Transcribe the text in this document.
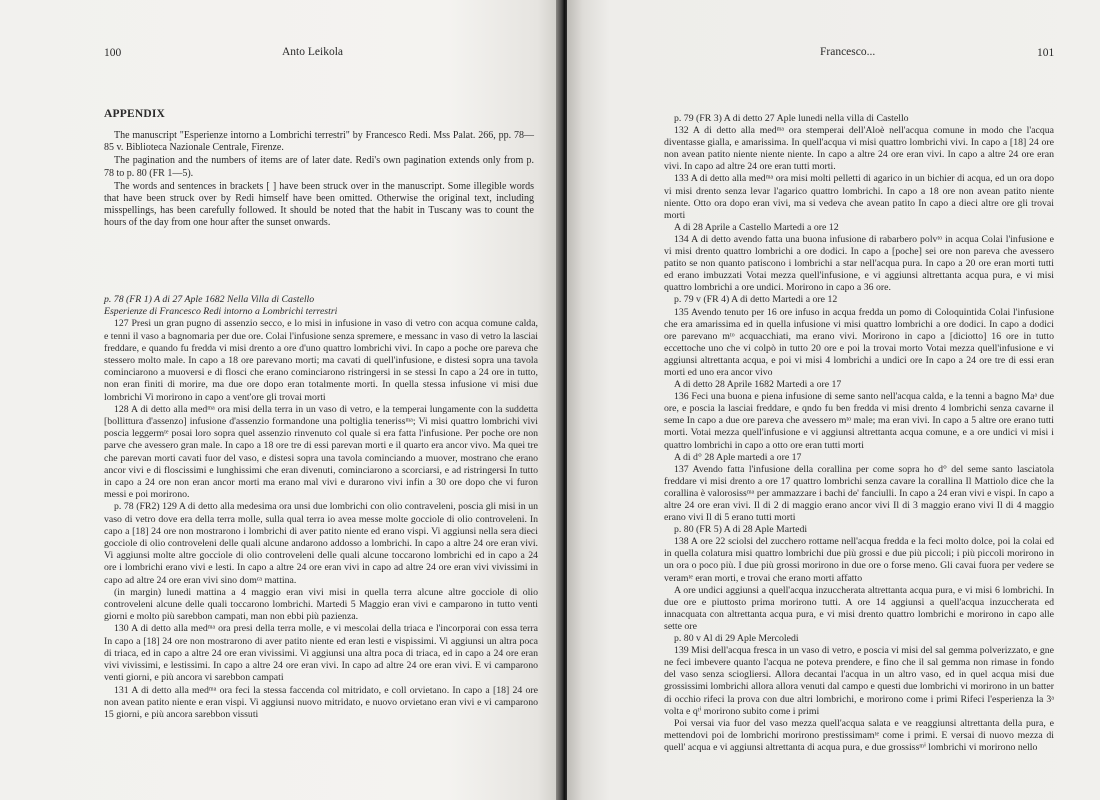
100	Anto Leikola
APPENDIX

The manuscript "Esperienze intorno a Lombrichi terrestri" by Francesco Redi. Mss Palat. 266, pp. 78—85 v. Biblioteca Nazionale Centrale, Firenze.

The pagination and the numbers of items are of later date. Redi's own pagination extends only from p. 78 to p. 80 (FR 1—5).

The words and sentences in brackets [ ] have been struck over in the manuscript. Some illegible words that have been struck over by Redi himself have been omitted. Otherwise the original text, including misspellings, has been carefully followed. It should be noted that the habit in Tuscany was to count the hours of the day from one hour after the sunset onwards.

p. 78 (FR 1) A di 27 Aple 1682 Nella Villa di Castello
Esperienze di Francesco Redi intorno a Lombrichi terrestri

127 Presi un gran pugno di assenzio secco, e lo misi in infusione in vaso di vetro con acqua comune calda, e tenni il vaso a bagnomaria per due ore. Colai l'infusione senza spremere, e messanc in vaso di vetro la lasciai freddare, e quando fu fredda vi misi drento a ore d'uno quattro lombrichi vivi. In capo a poche ore pareva che stessero molto male. In capo a 18 ore parevano morti; ma cavati di quell'infusione, e distesi sopra una tavola cominciarono a muoversi e di flosci che erano cominciarono ristringersi in se stessi In capo a 24 ore in tutto, non eran finiti di morire, ma due ore dopo eran totalmente morti. In quella stessa infusione vi misi due lombrichi Vi morirono in capo a vent'ore gli trovai morti

128 A di detto alla medᵐᵃ ora misi della terra in un vaso di vetro, e la temperai lungamente con la suddetta [bollittura d'assenzo] infusione d'assenzio formandone una poltiglia tenerissᵐᵃ; Vi misi quattro lombrichi vivi poscia leggermᵗᵉ posai loro sopra quel assenzio rinvenuto col quale si era fatta l'infusione. Per poche ore non parve che avessero gran male. In capo a 18 ore tre di essi parevan morti e il quarto era ancor vivo. Ma quei tre che parevan morti cavati fuor del vaso, e distesi sopra una tavola cominciando a muover, mostrano che erano ancor vivi e di floscissimi e lunghissimi che eran divenuti, cominciarono a scorciarsi, e ad ristringersi In tutto in capo a 24 ore non eran ancor morti ma erano mal vivi e durarono vivi infin a 30 ore dopo che vi furon messi e poi morirono.

p. 78 (FR2) 129 A di detto alla medesima ora unsi due lombrichi con olio contraveleni, poscia gli misi in un vaso di vetro dove era della terra molle, sulla qual terra io avea messe molte gocciole di olio controveleni. In capo a [18] 24 ore non mostrarono i lombrichi di aver patito niente ed erano vispi. Vi aggiunsi nella sera dieci gocciole di olio controveleni delle quali alcune andarono addosso a lombrichi. In capo a altre 24 ore eran vivi. Vi aggiunsi molte altre gocciole di olio controveleni delle quali alcune toccarono lombrichi ed in capo a 24 ore i lombrichi erano vivi e lesti. In capo a altre 24 ore eran vivi in capo ad altre 24 ore eran vivi vivissimi in capo ad altre 24 ore eran vivi sino domᶜᵃ mattina.

(in margin) lunedi mattina a 4 maggio eran vivi misi in quella terra alcune altre gocciole di olio controveleni alcune delle quali toccarono lombrichi. Martedi 5 Maggio eran vivi e camparono in tutto venti giorni e molto più sarebbon campati, man non ebbi più pazienza.

130 A di detto alla medᵐᵃ ora presi della terra molle, e vi mescolai della triaca e l'incorporai con essa terra In capo a [18] 24 ore non mostrarono di aver patito niente ed eran lesti e vispissimi. Vi aggiunsi un altra poca di triaca, ed in capo a altre 24 ore eran vivissimi. Vi aggiunsi una altra poca di triaca, ed in capo a 24 ore eran vivi vivissimi, e lestissimi. In capo a altre 24 ore eran vivi. In capo ad altre 24 ore eran vivi. E vi camparono venti giorni, e più ancora vi sarebbon campati

131 A di detto alla medᵐᵃ ora feci la stessa faccenda col mitridato, e coll orvietano. In capo a [18] 24 ore non avean patito niente e eran vispi. Vi aggiunsi nuovo mitridato, e nuovo orvietano eran vivi e vi camparono 15 giorni, e più ancora sarebbon vissuti

Francesco...	101
p. 79 (FR 3) A di detto 27 Aple lunedi nella villa di Castello

132 A di detto alla medᵐᵃ ora stemperai dell'Aloè nell'acqua comune in modo che l'acqua diventasse gialla, e amarissima. In quell'acqua vi misi quattro lombrichi vivi. In capo a [18] 24 ore non avean patito niente niente niente. In capo a altre 24 ore eran vivi. In capo a altre 24 ore eran vivi. In capo ad altre 24 ore eran tutti morti.

133 A di detto alla medᵐᵃ ora misi molti pelletti di agarico in un bichier di acqua, ed un ora dopo vi misi drento senza levar l'agarico quattro lombrichi. In capo a 18 ore non avean patito niente niente. Otto ora dopo eran vivi, ma si vedeva che avean patito In capo a dieci altre ore gli trovai morti

A di 28 Aprile a Castello Martedi a ore 12

134 A di detto avendo fatta una buona infusione di rabarbero polvᵗᵒ in acqua Colai l'infusione e vi misi drento quattro lombrichi a ore dodici. In capo a [poche] sei ore non pareva che avessero patito se non quanto patiscono i lombrichi a star nell'acqua pura. In capo a 20 ore eran morti tutti ed erano imbuzzati Votai mezza quell'infusione, e vi aggiunsi altrettanta acqua pura, e vi misi quattro lombrichi a ore undici. Morirono in capo a 36 ore.

p. 79 v (FR 4) A di detto Martedi a ore 12

135 Avendo tenuto per 16 ore infuso in acqua fredda un pomo di Coloquintida Colai l'infusione che era amarissima ed in quella infusione vi misi quattro lombrichi a ore dodici. In capo a dodici ore parevano mᵗᵒ acquacchiati, ma erano vivi. Morirono in capo a [diciotto] 16 ore in tutto eccettoche uno che vi colpò in tutto 20 ore e poi la trovai morto Votai mezza quell'infusione e vi aggiunsi altrettanta acqua, e poi vi misi 4 lombrichi a undici ore In capo a 24 ore tre di essi eran morti ed uno era ancor vivo

A di detto 28 Aprile 1682 Martedi a ore 17

136 Feci una buona e piena infusione di seme santo nell'acqua calda, e la tenni a bagno Maᵃ due ore, e poscia la lasciai freddare, e qndo fu ben fredda vi misi drento 4 lombrichi senza cavarne il seme In capo a due ore pareva che avessero mᵗᵒ male; ma eran vivi. In capo a 5 altre ore erano tutti morti. Votai mezza quell'infusione e vi aggiunsi altrettanta acqua comune, e a ore undici vi misi i quattro lombrichi in capo a otto ore eran tutti morti

A di d° 28 Aple martedi a ore 17

137 Avendo fatta l'infusione della corallina per come sopra ho d° del seme santo lasciatola freddare vi misi drento a ore 17 quattro lombrichi senza cavare la corallina Il Mattiolo dice che la corallina è valorosissᵐᵃ per ammazzare i bachi de' fanciulli. In capo a 24 eran vivi e vispi. In capo a altre 24 ore eran vivi. Il di 2 di maggio erano ancor vivi Il di 3 maggio erano vivi Il di 4 maggio erano vivi Il di 5 erano tutti morti

p. 80 (FR 5) A di 28 Aple Martedi

138 A ore 22 sciolsi del zucchero rottame nell'acqua fredda e la feci molto dolce, poi la colai ed in quella colatura misi quattro lombrichi due più grossi e due più piccoli; i più piccoli morirono in un ora o poco più. I due più grossi morirono in due ore o forse meno. Gli cavai fuora per vedere se veramᵗᵉ eran morti, e trovai che erano morti affatto

A ore undici aggiunsi a quell'acqua inzuccherata altrettanta acqua pura, e vi misi 6 lombrichi. In due ore e piuttosto prima morirono tutti. A ore 14 aggiunsi a quell'acqua inzuccherata ed innacquata con altrettanta acqua pura, e vi misi drento quattro lombrichi e morirono in capo alle sette ore

p. 80 v Al di 29 Aple Mercoledi

139 Misi dell'acqua fresca in un vaso di vetro, e poscia vi misi del sal gemma polverizzato, e gne ne feci imbevere quanto l'acqua ne poteva prendere, e fino che il sal gemma non rimase in fondo del vaso senza sciogliersi. Allora decantai l'acqua in un altro vaso, ed in quel acqua misi due grossissimi lombrichi allora allora venuti dal campo e questi due lombrichi vi morirono in un batter di occhio rifeci la prova con due altri lombrichi, e morirono come i primi Rifeci l'esperienza la 3ᵃ volta e qᵗⁱ morirono subito come i primi

Poi versai via fuor del vaso mezza quell'acqua salata e ve reaggiunsi altrettanta della pura, e mettendovi poi de lombrichi morirono prestissimamᵗᵉ come i primi. E versai di nuovo mezza di quell' acqua e vi aggiunsi altrettanta di acqua pura, e due grossissᵐⁱ lombrichi vi morirono nello
